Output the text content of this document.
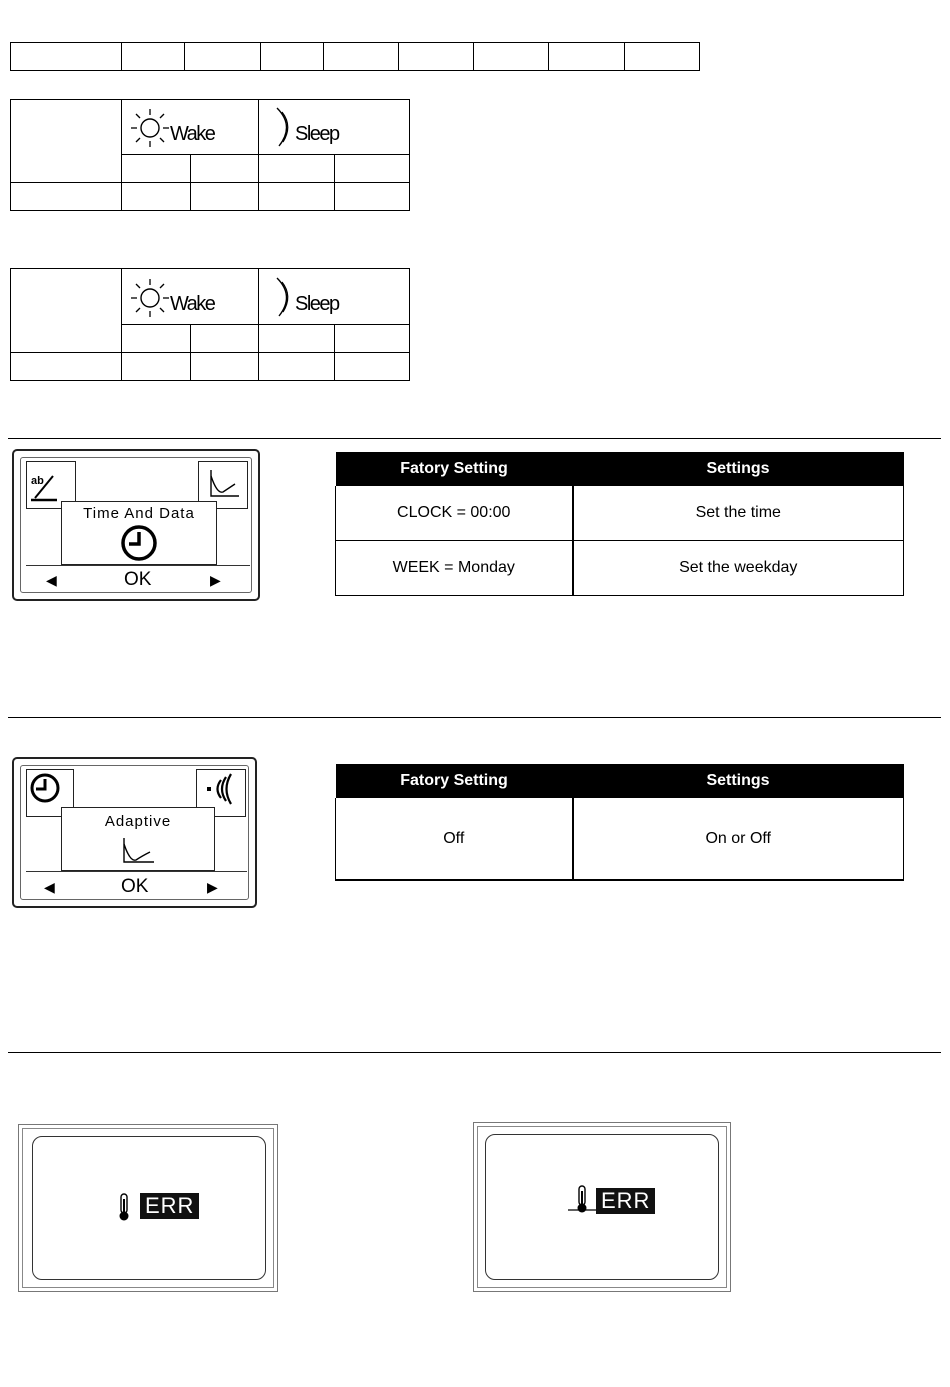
	Wake		Sleep	

	Wake		Sleep	

ab
Time And Data
◀	OK	▶
Fatory Setting	Settings
CLOCK = 00:00	Set the time
WEEK = Monday	Set the weekday
Adaptive
◀	OK	▶
Fatory Setting	Settings
Off	On or Off
ERR	ERR
